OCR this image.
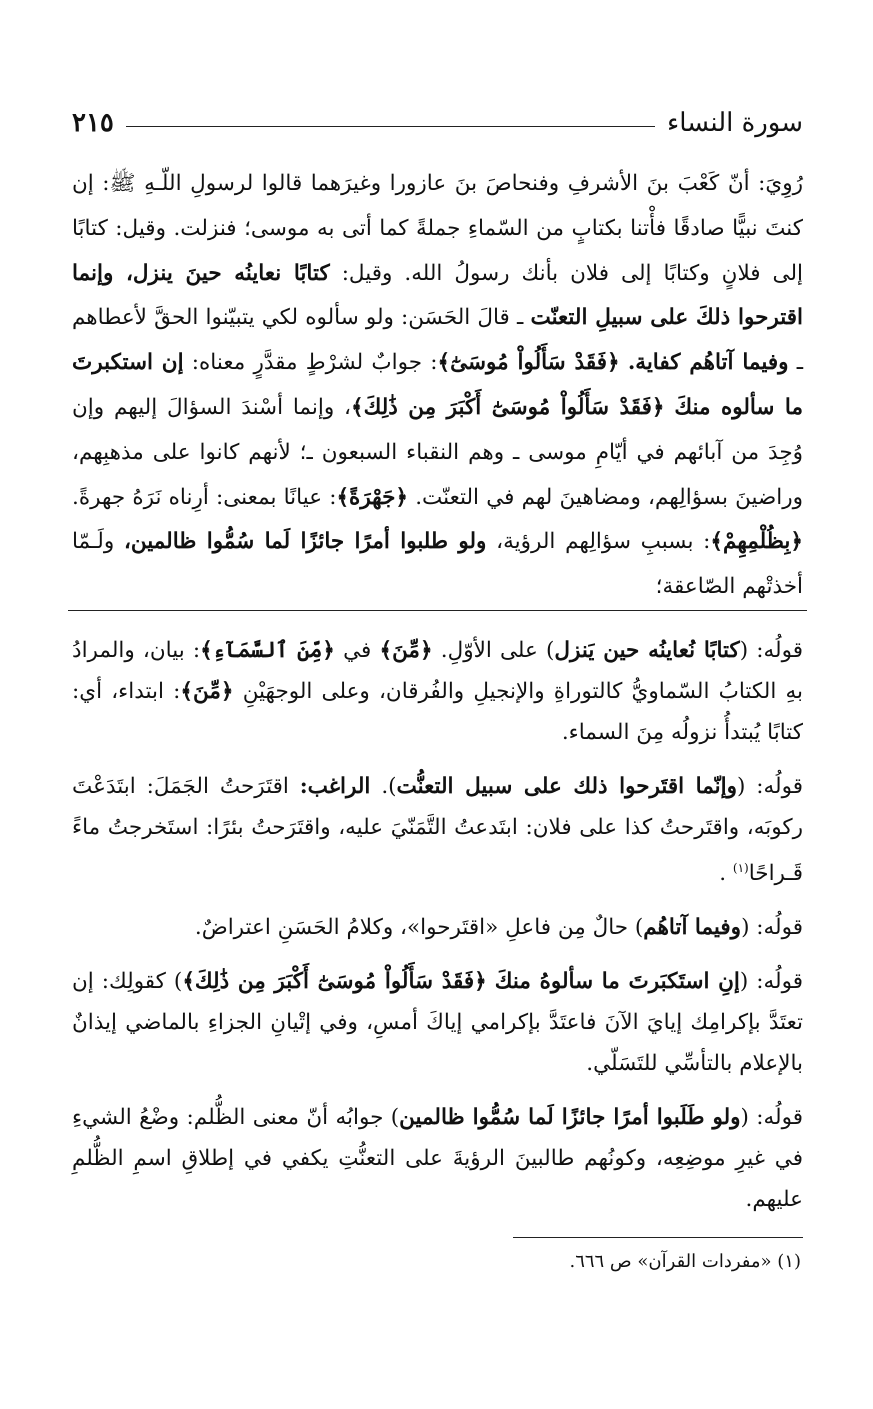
سورة النساء
٢١٥

رُوِيَ: أنّ كَعْبَ بنَ الأشرفِ وفنحاصَ بنَ عازورا وغيرَهما قالوا لرسولِ اللّـهِ ﷺ: إن كنتَ نبيًّا صادقًا فأْتنا بكتابٍ من السّماءِ جملةً كما أتى به موسى؛ فنزلت. وقيل: كتابًا إلى فلانٍ وكتابًا إلى فلان بأنك رسولُ الله. وقيل: كتابًا نعاينُه حينَ ينزل، وإنما اقترحوا ذلكَ على سبيلِ التعنّت ـ قالَ الحَسَن: ولو سألوه لكي يتبيّنوا الحقَّ لأعطاهم ـ وفيما آتاهُم كفاية. ﴿فَقَدْ سَأَلُواْ مُوسَىٰٓ﴾: جوابٌ لشرْطٍ مقدَّرٍ معناه: إن استكبرتَ ما سألوه منكَ ﴿فَقَدْ سَأَلُواْ مُوسَىٰٓ أَكْبَرَ مِن ذَٰلِكَ﴾، وإنما أسْندَ السؤالَ إليهم وإن وُجِدَ من آبائهم في أيّامِ موسى ـ وهم النقباء السبعون ـ؛ لأنهم كانوا على مذهبِهم، وراضينَ بسؤالِهم، ومضاهينَ لهم في التعنّت. ﴿جَهْرَةً﴾: عيانًا بمعنى: أرِناه نَرَهُ جهرةً. ﴿بِظُلْمِهِمْ﴾: بسببِ سؤالِهم الرؤية، ولو طلبوا أمرًا جائزًا لَما سُمُّوا ظالمين، ولَـمّا أخذتْهم الصّاعقة؛

قولُه: (كتابًا نُعاينُه حين يَنزل) على الأوّلِ. ﴿مِّنَ﴾ في ﴿مِّنَ ٱلسَّمَآءِ﴾: بيان، والمرادُ بهِ الكتابُ السّماويُّ كالتوراةِ والإنجيلِ والفُرقان، وعلى الوجهَيْنِ ﴿مِّنَ﴾: ابتداء، أي: كتابًا يُبتدأُ نزولُه مِنَ السماء.

قولُه: (وإنّما اقتَرحوا ذلك على سبيل التعنُّت). الراغب: اقتَرَحتُ الجَمَلَ: ابتَدَعْتَ ركوبَه، واقتَرحتُ كذا على فلان: ابتَدعتُ التَّمَنّيَ عليه، واقتَرَحتُ بئرًا: استَخرجتُ ماءً قَـراحًا$^{(١)}$ .

قولُه: (وفيما آتاهُم) حالٌ مِن فاعلِ «اقتَرحوا»، وكلامُ الحَسَنِ اعتراضٌ.

قولُه: (إنِ استَكبَرتَ ما سألوهُ منكَ ﴿فَقَدْ سَأَلُواْ مُوسَىٰٓ أَكْبَرَ مِن ذَٰلِكَ﴾) كقولِك: إن تعتَدَّ بإكرامِك إيايَ الآنَ فاعتَدَّ بإكرامي إياكَ أمسِ، وفي إتْيانِ الجزاءِ بالماضي إيذانٌ بالإعلام بالتأسِّي للتَسَلّي.

قولُه: (ولو طَلَبوا أمرًا جائزًا لَما سُمُّوا ظالمين) جوابُه أنّ معنى الظُّلم: وضْعُ الشيءِ في غيرِ موضِعِه، وكونُهم طالبينَ الرؤيةَ على التعنُّتِ يكفي في إطلاقِ اسمِ الظُّلمِ عليهم.

(١) «مفردات القرآن» ص ٦٦٦.
